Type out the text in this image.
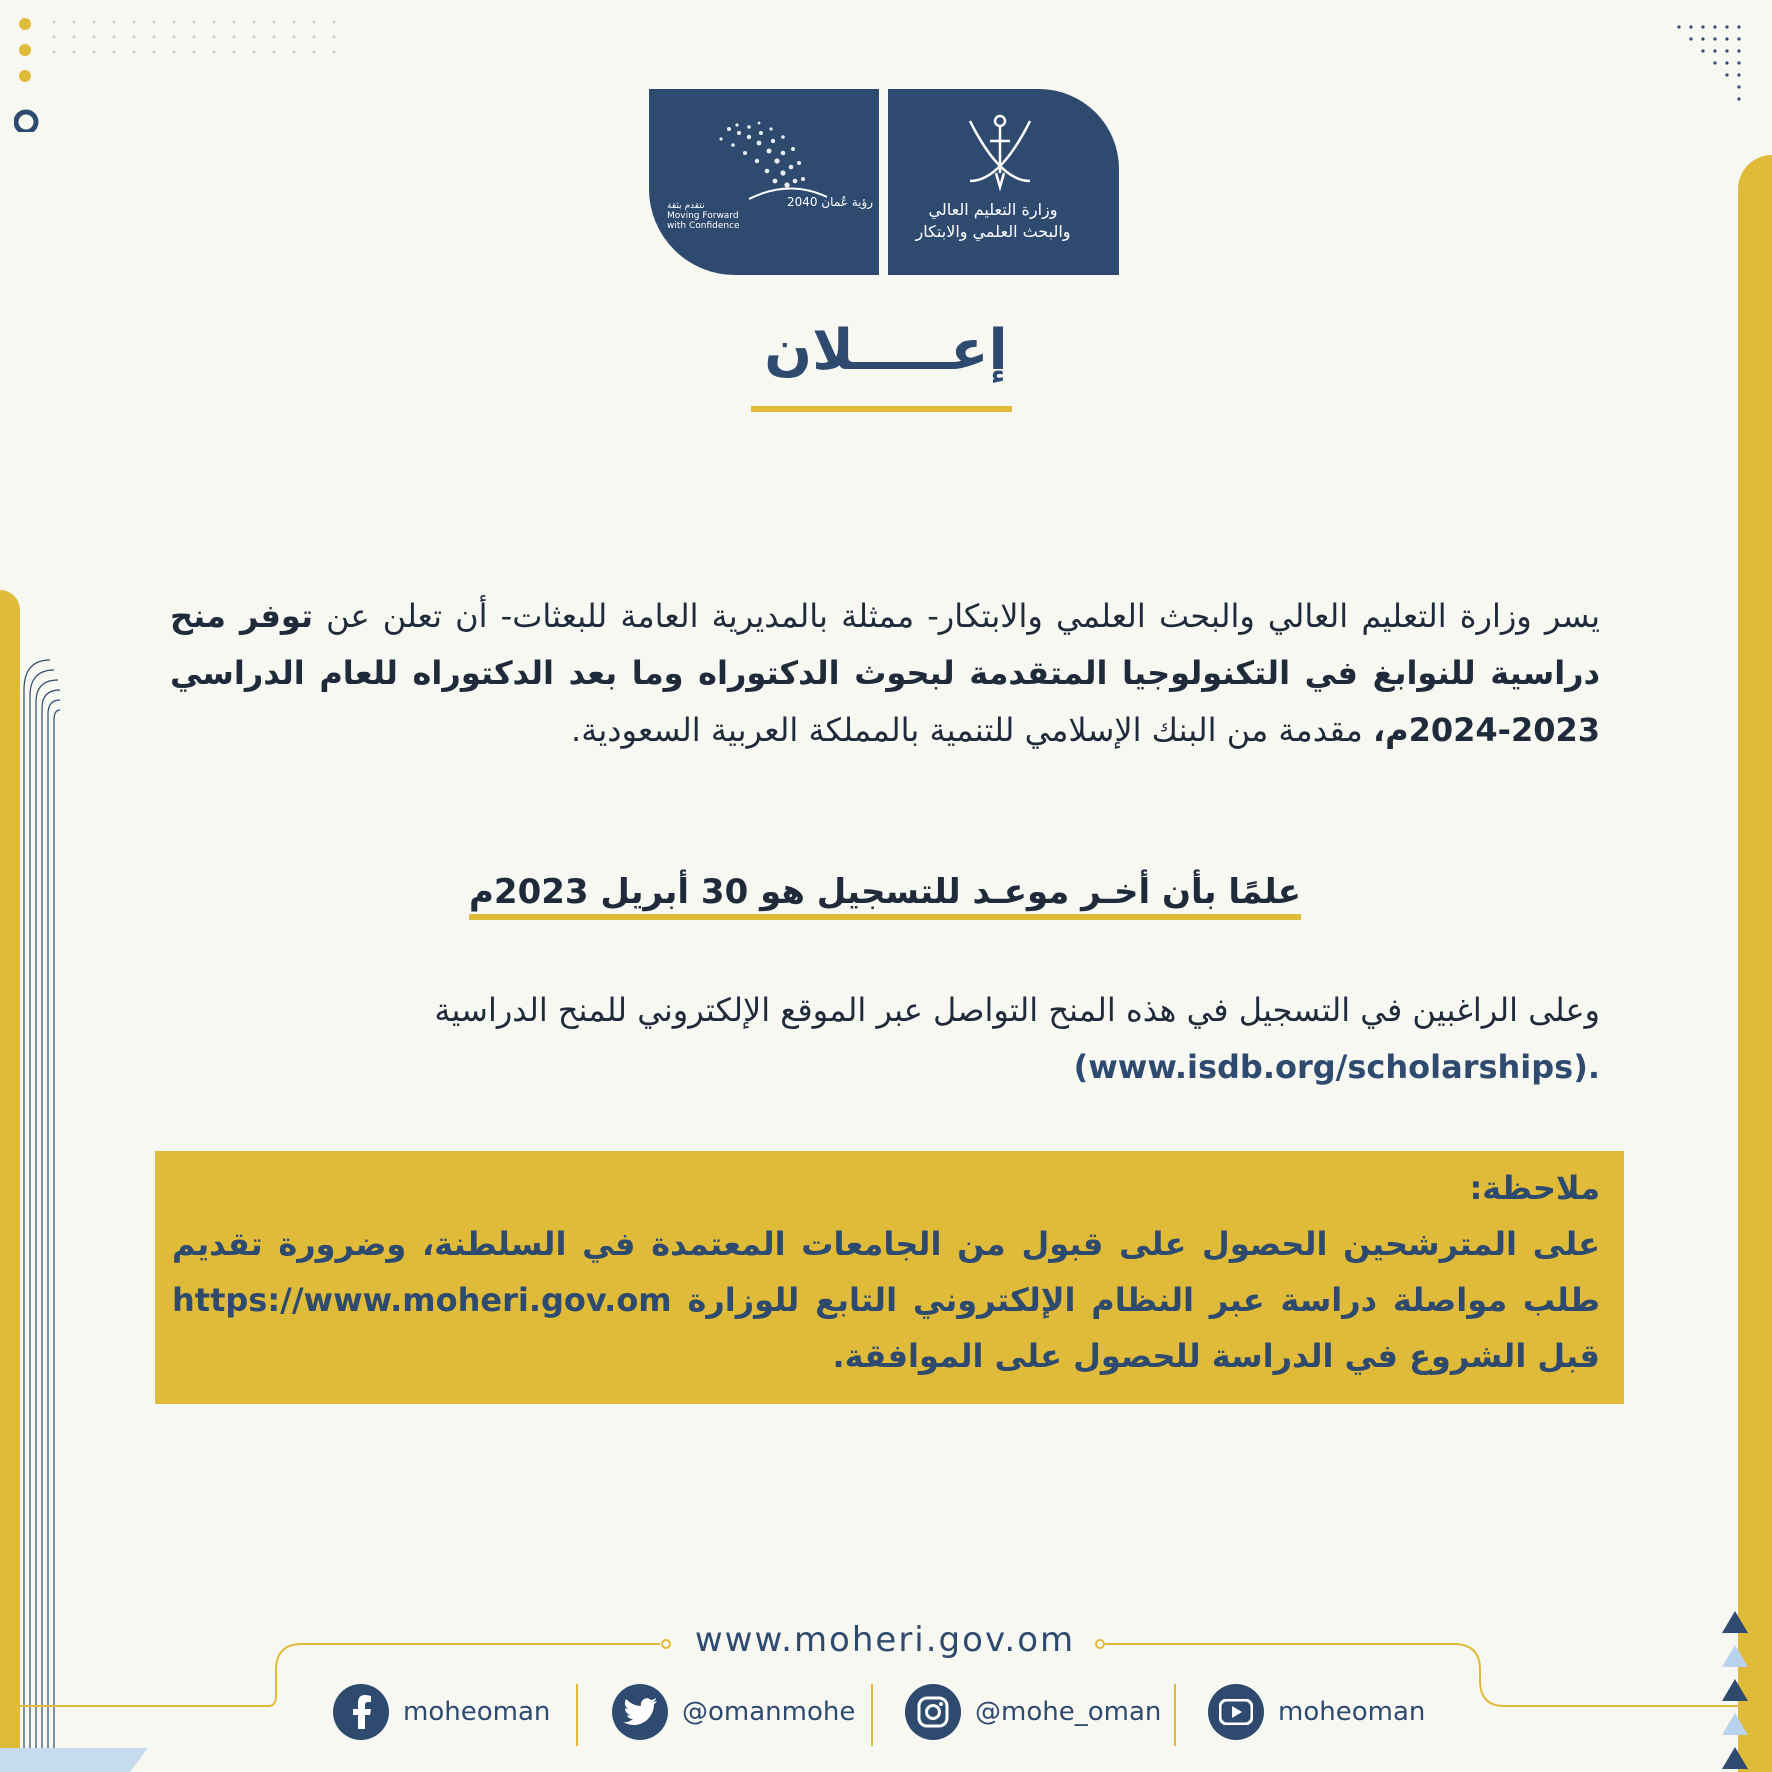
رؤية عُمان 2040
نتقدم بثقة
Moving Forward
with Confidence
وزارة التعليم العالي
والبحث العلمي والابتكار
إعـــــلان
يسر وزارة التعليم العالي والبحث العلمي والابتكار- ممثلة بالمديرية العامة للبعثات- أن تعلن عن توفر منح دراسية للنوابغ في التكنولوجيا المتقدمة لبحوث الدكتوراه وما بعد الدكتوراه للعام الدراسي 2023-2024م، مقدمة من البنك الإسلامي للتنمية بالمملكة العربية السعودية.
علمًا بأن أخـر موعـد للتسجيل هو 30 أبريل 2023م
وعلى الراغبين في التسجيل في هذه المنح التواصل عبر الموقع الإلكتروني للمنح الدراسية
(www.isdb.org/scholarships).
ملاحظة:
على المترشحين الحصول على قبول من الجامعات المعتمدة في السلطنة، وضرورة تقديم طلب مواصلة دراسة عبر النظام الإلكتروني التابع للوزارة https://www.moheri.gov.om قبل الشروع في الدراسة للحصول على الموافقة.
www.moheri.gov.om
moheoman	@omanmohe	@mohe_oman	moheoman
